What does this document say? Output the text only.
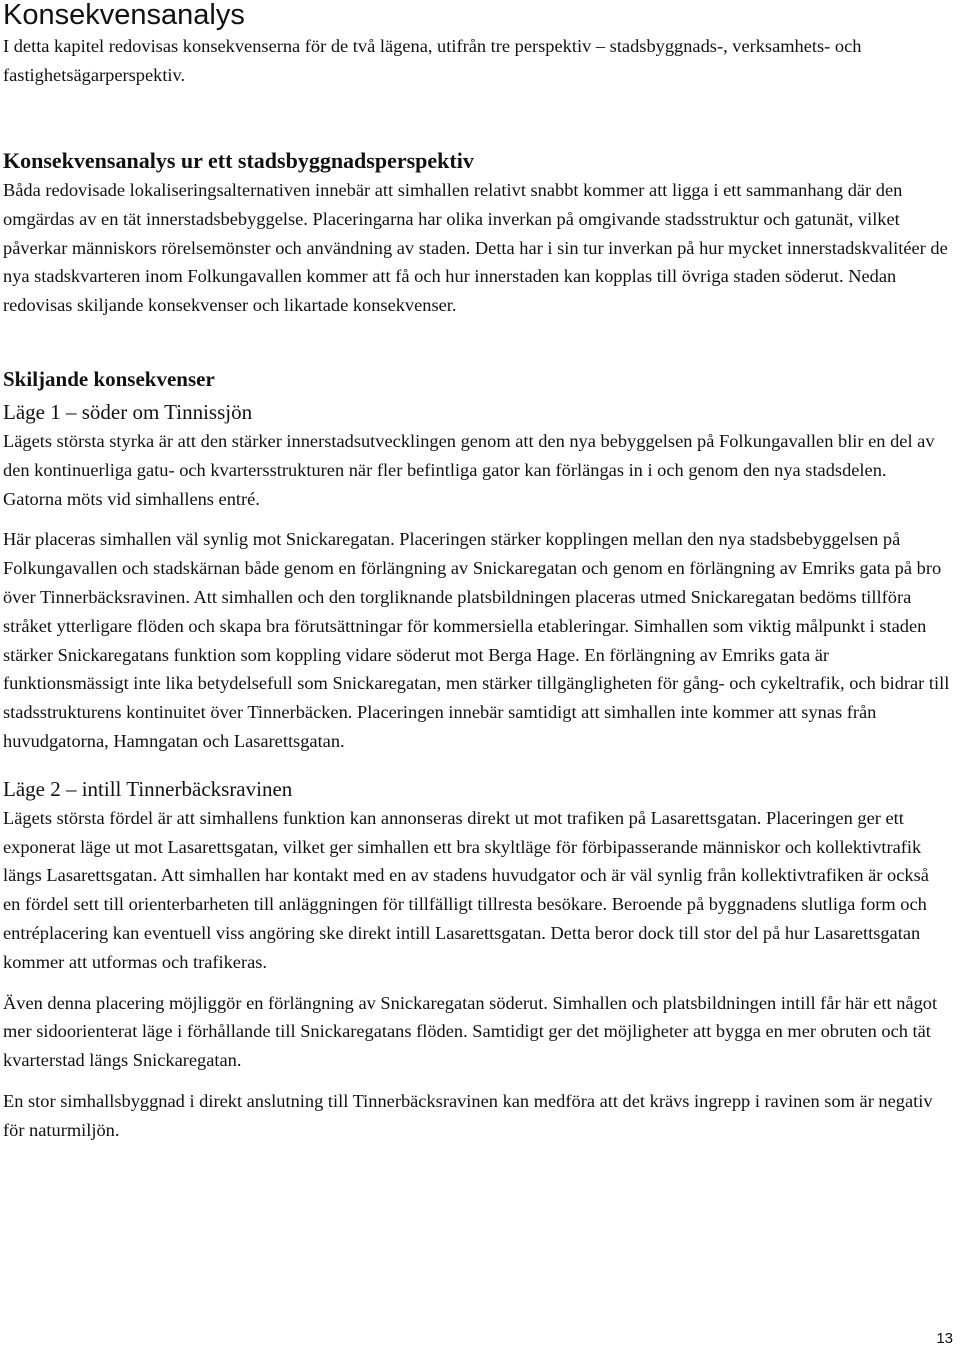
Konsekvensanalys

I detta kapitel redovisas konsekvenserna för de två lägena, utifrån tre perspektiv – stadsbyggnads-, verksamhets- och fastighetsägarperspektiv.

Konsekvensanalys ur ett stadsbyggnadsperspektiv

Båda redovisade lokaliseringsalternativen innebär att simhallen relativt snabbt kommer att ligga i ett sammanhang där den omgärdas av en tät innerstadsbebyggelse. Placeringarna har olika inverkan på omgivande stadsstruktur och gatunät, vilket påverkar människors rörelsemönster och användning av staden. Detta har i sin tur inverkan på hur mycket innerstadskvalitéer de nya stadskvarteren inom Folkungavallen kommer att få och hur innerstaden kan kopplas till övriga staden söderut. Nedan redovisas skiljande konsekvenser och likartade konsekvenser.

Skiljande konsekvenser
Läge 1 – söder om Tinnissjön

Lägets största styrka är att den stärker innerstadsutvecklingen genom att den nya bebyggelsen på Folkungavallen blir en del av den kontinuerliga gatu- och kvartersstrukturen när fler befintliga gator kan förlängas in i och genom den nya stadsdelen. Gatorna möts vid simhallens entré.

Här placeras simhallen väl synlig mot Snickaregatan. Placeringen stärker kopplingen mellan den nya stadsbebyggelsen på Folkungavallen och stadskärnan både genom en förlängning av Snickaregatan och genom en förlängning av Emriks gata på bro över Tinnerbäcksravinen. Att simhallen och den torgliknande platsbildningen placeras utmed Snickaregatan bedöms tillföra stråket ytterligare flöden och skapa bra förutsättningar för kommersiella etableringar. Simhallen som viktig målpunkt i staden stärker Snickaregatans funktion som koppling vidare söderut mot Berga Hage. En förlängning av Emriks gata är funktionsmässigt inte lika betydelsefull som Snickaregatan, men stärker tillgängligheten för gång- och cykeltrafik, och bidrar till stadsstrukturens kontinuitet över Tinnerbäcken. Placeringen innebär samtidigt att simhallen inte kommer att synas från huvudgatorna, Hamngatan och Lasarettsgatan.

Läge 2 – intill Tinnerbäcksravinen

Lägets största fördel är att simhallens funktion kan annonseras direkt ut mot trafiken på Lasarettsgatan. Placeringen ger ett exponerat läge ut mot Lasarettsgatan, vilket ger simhallen ett bra skyltläge för förbipasserande människor och kollektivtrafik längs Lasarettsgatan. Att simhallen har kontakt med en av stadens huvudgator och är väl synlig från kollektivtrafiken är också en fördel sett till orienterbarheten till anläggningen för tillfälligt tillresta besökare. Beroende på byggnadens slutliga form och entréplacering kan eventuell viss angöring ske direkt intill Lasarettsgatan. Detta beror dock till stor del på hur Lasarettsgatan kommer att utformas och trafikeras.

Även denna placering möjliggör en förlängning av Snickaregatan söderut. Simhallen och platsbildningen intill får här ett något mer sidoorienterat läge i förhållande till Snickaregatans flöden. Samtidigt ger det möjligheter att bygga en mer obruten och tät kvarterstad längs Snickaregatan.

En stor simhallsbyggnad i direkt anslutning till Tinnerbäcksravinen kan medföra att det krävs ingrepp i ravinen som är negativ för naturmiljön.

13
